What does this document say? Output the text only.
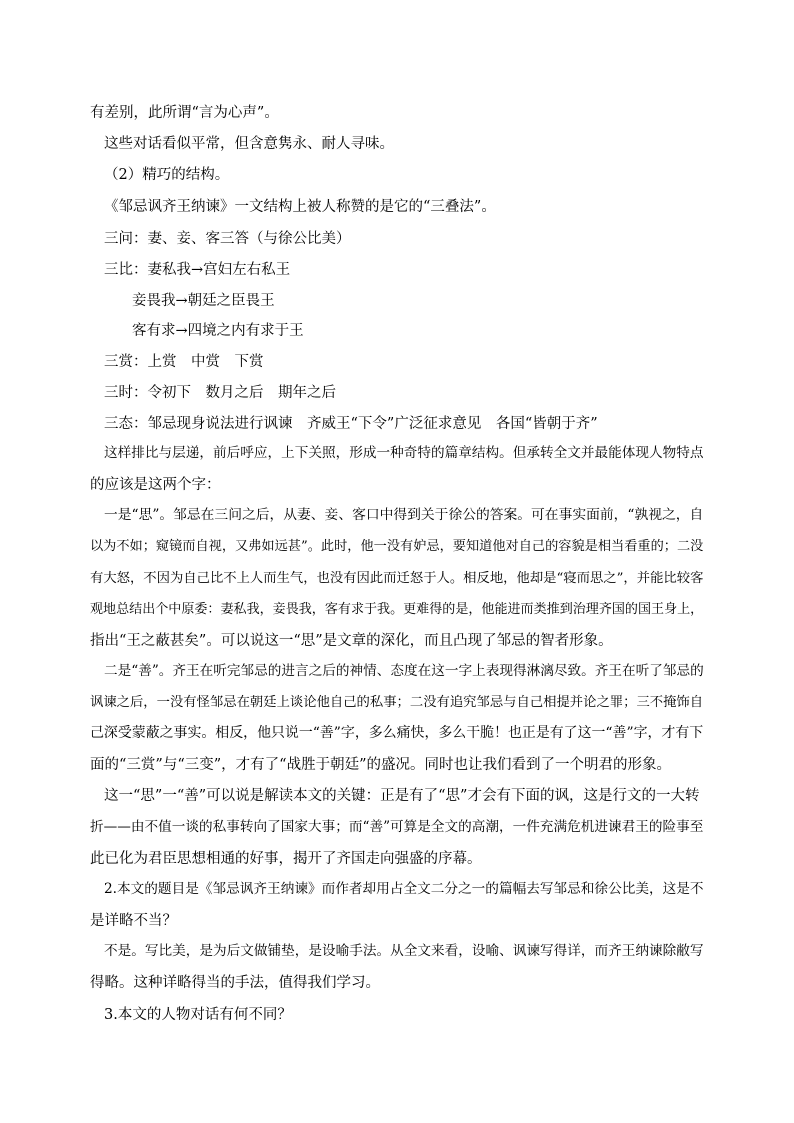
有差别，此所谓“言为心声”。
这些对话看似平常，但含意隽永、耐人寻味。
（2）精巧的结构。
《邹忌讽齐王纳谏》一文结构上被人称赞的是它的“三叠法”。
三问：妻、妾、客三答（与徐公比美）
三比：妻私我→宫妇左右私王
妾畏我→朝廷之臣畏王
客有求→四境之内有求于王
三赏：上赏　中赏　下赏
三时：令初下　数月之后　期年之后
三态：邹忌现身说法进行讽谏　齐威王“下令”广泛征求意见　各国“皆朝于齐”
这样排比与层递，前后呼应，上下关照，形成一种奇特的篇章结构。但承转全文并最能体现人物特点
的应该是这两个字：
一是“思”。邹忌在三问之后，从妻、妾、客口中得到关于徐公的答案。可在事实面前，“孰视之，自
以为不如；窥镜而自视，又弗如远甚”。此时，他一没有妒忌，要知道他对自己的容貌是相当看重的；二没
有大怒，不因为自己比不上人而生气，也没有因此而迁怒于人。相反地，他却是“寝而思之”，并能比较客
观地总结出个中原委：妻私我，妾畏我，客有求于我。更难得的是，他能进而类推到治理齐国的国王身上，
指出“王之蔽甚矣”。可以说这一“思”是文章的深化，而且凸现了邹忌的智者形象。
二是“善”。齐王在听完邹忌的进言之后的神情、态度在这一字上表现得淋漓尽致。齐王在听了邹忌的
讽谏之后，一没有怪邹忌在朝廷上谈论他自己的私事；二没有追究邹忌与自己相提并论之罪；三不掩饰自
己深受蒙蔽之事实。相反，他只说一“善”字，多么痛快，多么干脆！也正是有了这一“善”字，才有下
面的“三赏”与“三变”，才有了“战胜于朝廷”的盛况。同时也让我们看到了一个明君的形象。
这一“思”一“善”可以说是解读本文的关键：正是有了“思”才会有下面的讽，这是行文的一大转
折——由不值一谈的私事转向了国家大事；而“善”可算是全文的高潮，一件充满危机进谏君王的险事至
此已化为君臣思想相通的好事，揭开了齐国走向强盛的序幕。
2.本文的题目是《邹忌讽齐王纳谏》而作者却用占全文二分之一的篇幅去写邹忌和徐公比美，这是不
是详略不当？
不是。写比美，是为后文做铺垫，是设喻手法。从全文来看，设喻、讽谏写得详，而齐王纳谏除敝写
得略。这种详略得当的手法，值得我们学习。
3.本文的人物对话有何不同？
